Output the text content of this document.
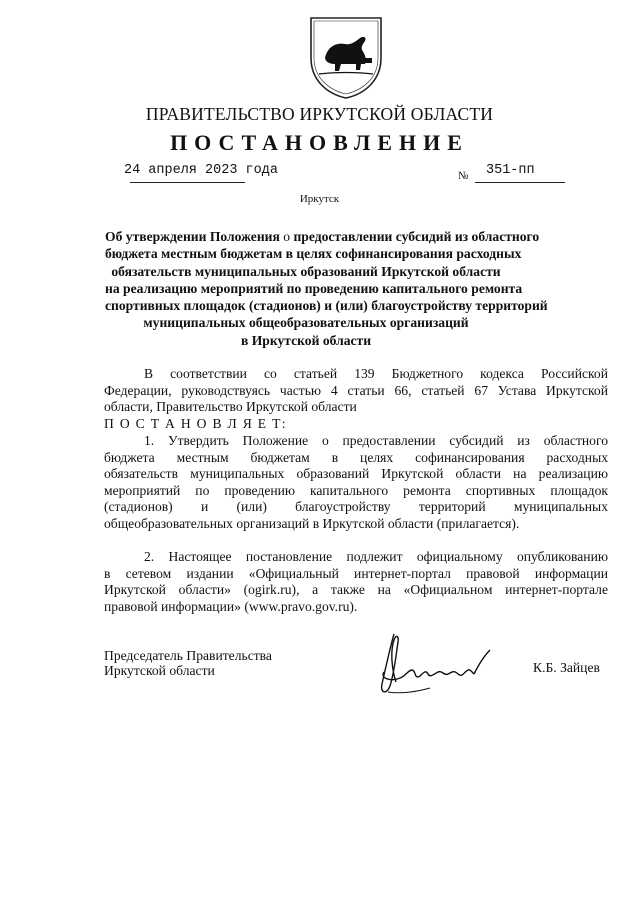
ПРАВИТЕЛЬСТВО ИРКУТСКОЙ ОБЛАСТИ
ПОСТАНОВЛЕНИЕ
24 апреля 2023 года	№ 351-пп
Иркутск
Об утверждении Положения о предоставлении субсидий из областного
бюджета местным бюджетам в целях софинансирования расходных
обязательств муниципальных образований Иркутской области
на реализацию мероприятий по проведению капитального ремонта
спортивных площадок (стадионов) и (или) благоустройству территорий
муниципальных общеобразовательных организаций
в Иркутской области
В соответствии со статьей 139 Бюджетного кодекса Российской
Федерации, руководствуясь частью 4 статьи 66, статьей 67 Устава Иркутской
области, Правительство Иркутской области
П О С Т А Н О В Л Я Е Т:
1. Утвердить Положение о предоставлении субсидий из областного
бюджета местным бюджетам в целях софинансирования расходных
обязательств муниципальных образований Иркутской области на реализацию
мероприятий по проведению капитального ремонта спортивных площадок
(стадионов) и (или) благоустройству территорий муниципальных
общеобразовательных организаций в Иркутской области (прилагается).
2. Настоящее постановление подлежит официальному опубликованию
в сетевом издании «Официальный интернет-портал правовой информации
Иркутской области» (ogirk.ru), а также на «Официальном интернет-портале
правовой информации» (www.pravo.gov.ru).
Председатель Правительства
Иркутской области	К.Б. Зайцев
